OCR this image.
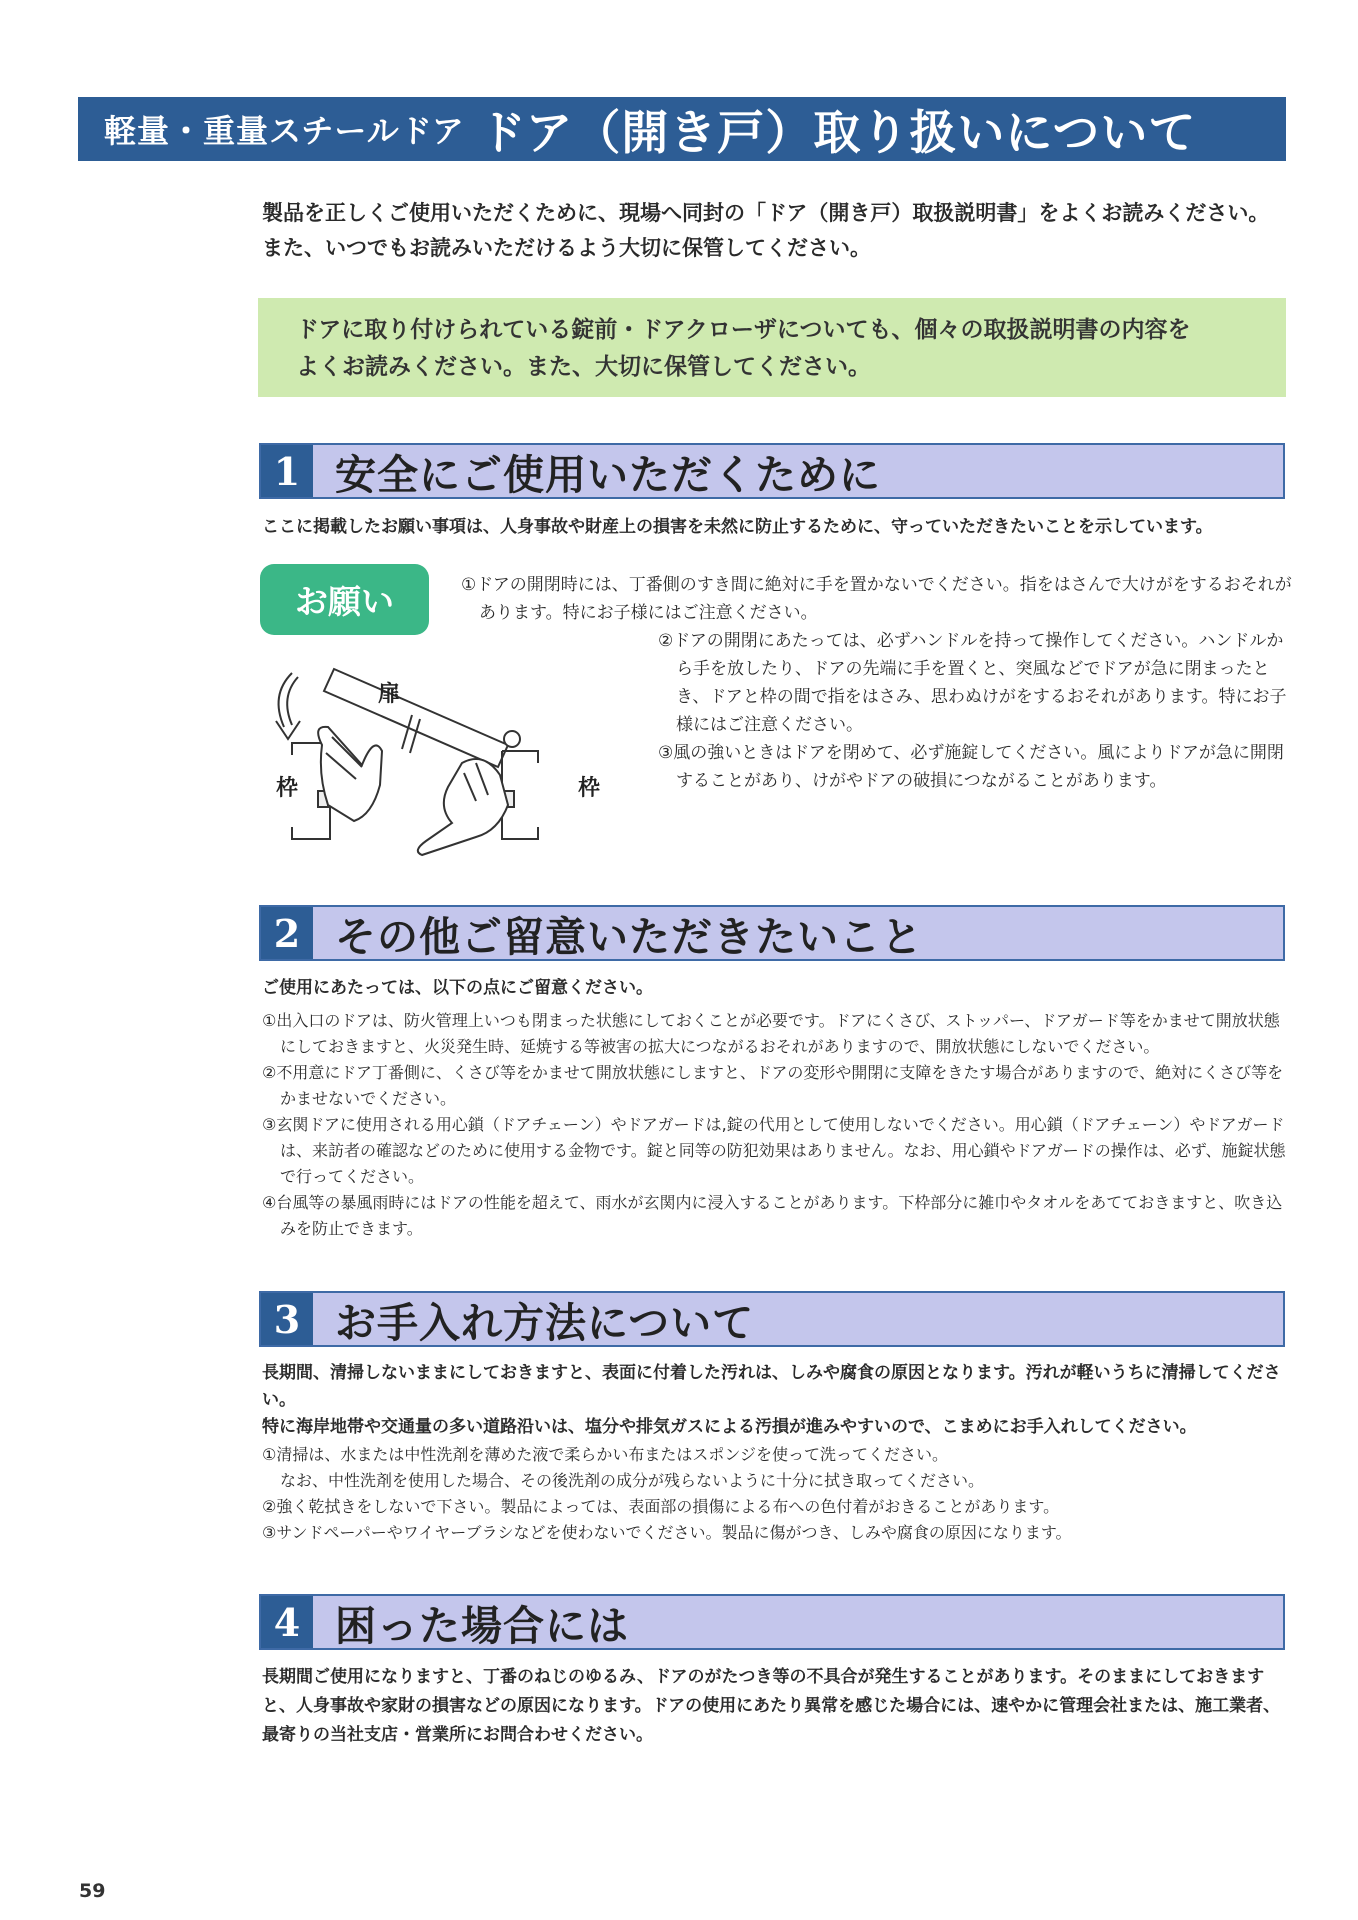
軽量・重量スチールドア ドア（開き戸）取り扱いについて
製品を正しくご使用いただくために、現場へ同封の「ドア（開き戸）取扱説明書」をよくお読みください。
また、いつでもお読みいただけるよう大切に保管してください。
ドアに取り付けられている錠前・ドアクローザについても、個々の取扱説明書の内容を
よくお読みください。また、大切に保管してください。
1 安全にご使用いただくために
ここに掲載したお願い事項は、人身事故や財産上の損害を未然に防止するために、守っていただきたいことを示しています。
お願い	①ドアの開閉時には、丁番側のすき間に絶対に手を置かないでください。指をはさんで大けがをするおそれがあります。特にお子様にはご注意ください。
②ドアの開閉にあたっては、必ずハンドルを持って操作してください。ハンドルから手を放したり、ドアの先端に手を置くと、突風などでドアが急に閉まったとき、ドアと枠の間で指をはさみ、思わぬけがをするおそれがあります。特にお子様にはご注意ください。
③風の強いときはドアを閉めて、必ず施錠してください。風によりドアが急に開閉することがあり、けがやドアの破損につながることがあります。
扉
枠	枠
2 その他ご留意いただきたいこと
ご使用にあたっては、以下の点にご留意ください。
①出入口のドアは、防火管理上いつも閉まった状態にしておくことが必要です。ドアにくさび、ストッパー、ドアガード等をかませて開放状態にしておきますと、火災発生時、延焼する等被害の拡大につながるおそれがありますので、開放状態にしないでください。
②不用意にドア丁番側に、くさび等をかませて開放状態にしますと、ドアの変形や開閉に支障をきたす場合がありますので、絶対にくさび等をかませないでください。
③玄関ドアに使用される用心鎖（ドアチェーン）やドアガードは,錠の代用として使用しないでください。用心鎖（ドアチェーン）やドアガードは、来訪者の確認などのために使用する金物です。錠と同等の防犯効果はありません。なお、用心鎖やドアガードの操作は、必ず、施錠状態で行ってください。
④台風等の暴風雨時にはドアの性能を超えて、雨水が玄関内に浸入することがあります。下枠部分に雑巾やタオルをあてておきますと、吹き込みを防止できます。
3 お手入れ方法について
長期間、清掃しないままにしておきますと、表面に付着した汚れは、しみや腐食の原因となります。汚れが軽いうちに清掃してください。
特に海岸地帯や交通量の多い道路沿いは、塩分や排気ガスによる汚損が進みやすいので、こまめにお手入れしてください。
①清掃は、水または中性洗剤を薄めた液で柔らかい布またはスポンジを使って洗ってください。
なお、中性洗剤を使用した場合、その後洗剤の成分が残らないように十分に拭き取ってください。
②強く乾拭きをしないで下さい。製品によっては、表面部の損傷による布への色付着がおきることがあります。
③サンドペーパーやワイヤーブラシなどを使わないでください。製品に傷がつき、しみや腐食の原因になります。
4 困った場合には
長期間ご使用になりますと、丁番のねじのゆるみ、ドアのがたつき等の不具合が発生することがあります。そのままにしておきますと、人身事故や家財の損害などの原因になります。ドアの使用にあたり異常を感じた場合には、速やかに管理会社または、施工業者、最寄りの当社支店・営業所にお問合わせください。
59
